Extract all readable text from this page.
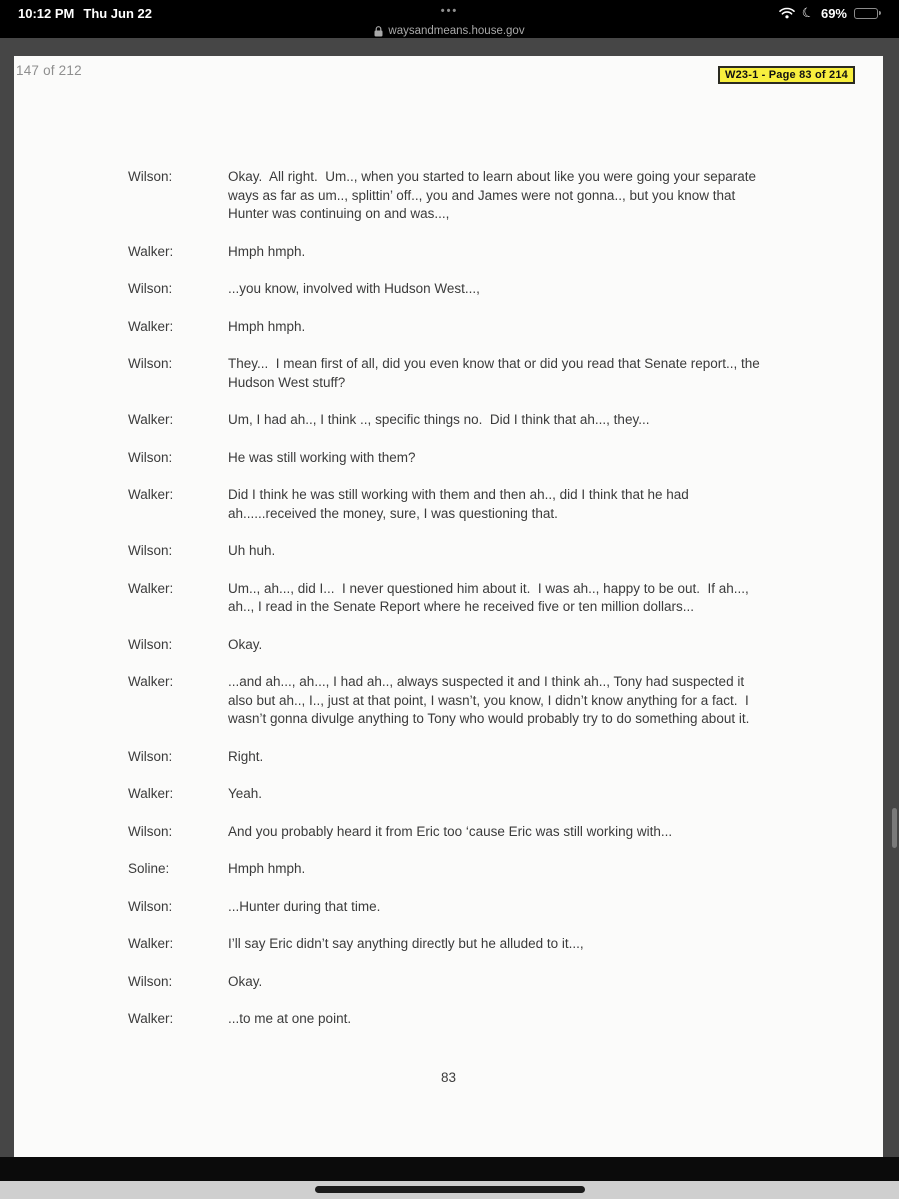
10:12 PM Thu Jun 22	•••	☾ 69%
waysandmeans.house.gov
147 of 212	W23-1 - Page 83 of 214
Wilson:	Okay.  All right.  Um.., when you started to learn about like you were going your separate ways as far as um.., splittin’ off.., you and James were not gonna.., but you know that Hunter was continuing on and was...,
Walker:	Hmph hmph.
Wilson:	...you know, involved with Hudson West...,
Walker:	Hmph hmph.
Wilson:	They...  I mean first of all, did you even know that or did you read that Senate report.., the Hudson West stuff?
Walker:	Um, I had ah.., I think .., specific things no.  Did I think that ah..., they...
Wilson:	He was still working with them?
Walker:	Did I think he was still working with them and then ah.., did I think that he had ah......received the money, sure, I was questioning that.
Wilson:	Uh huh.
Walker:	Um.., ah..., did I...  I never questioned him about it.  I was ah.., happy to be out.  If ah..., ah.., I read in the Senate Report where he received five or ten million dollars...
Wilson:	Okay.
Walker:	...and ah..., ah..., I had ah.., always suspected it and I think ah.., Tony had suspected it also but ah.., I.., just at that point, I wasn’t, you know, I didn’t know anything for a fact.  I wasn’t gonna divulge anything to Tony who would probably try to do something about it.
Wilson:	Right.
Walker:	Yeah.
Wilson:	And you probably heard it from Eric too ‘cause Eric was still working with...
Soline:	Hmph hmph.
Wilson:	...Hunter during that time.
Walker:	I’ll say Eric didn’t say anything directly but he alluded to it...,
Wilson:	Okay.
Walker:	...to me at one point.
83
